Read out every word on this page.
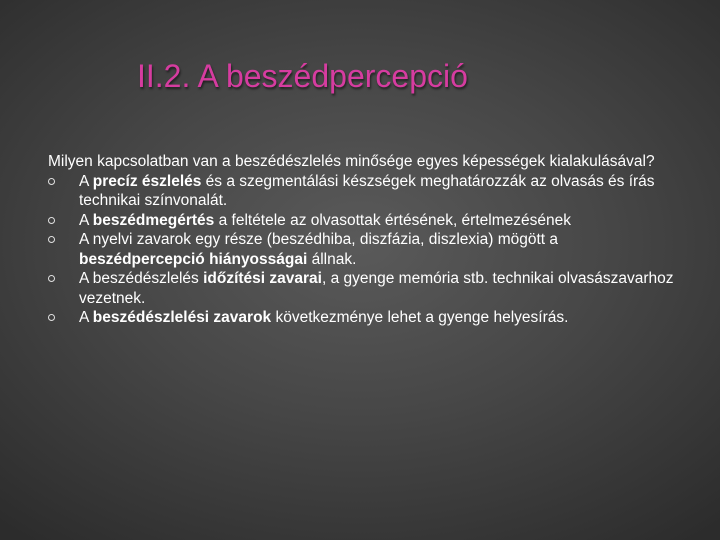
II.2. A beszédpercepció
Milyen kapcsolatban van a beszédészlelés minősége egyes képességek kialakulásával?
A precíz észlelés és a szegmentálási készségek meghatározzák az olvasás és írás technikai színvonalát.
A beszédmegértés a feltétele az olvasottak értésének, értelmezésének
A nyelvi zavarok egy része (beszédhiba, diszfázia, diszlexia) mögött a beszédpercepció hiányosságai állnak.
A beszédészlelés időzítési zavarai, a gyenge memória stb. technikai olvasászavarhoz vezetnek.
A beszédészlelési zavarok következménye lehet a gyenge helyesírás.
